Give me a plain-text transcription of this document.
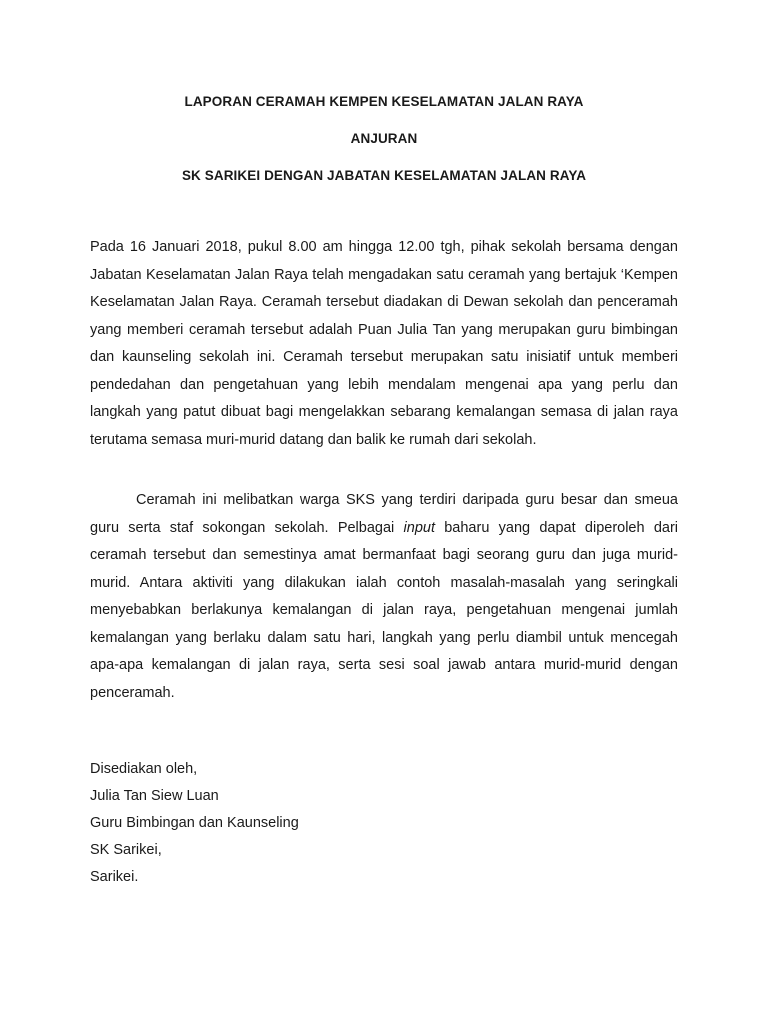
LAPORAN CERAMAH KEMPEN KESELAMATAN JALAN RAYA
ANJURAN
SK SARIKEI DENGAN JABATAN KESELAMATAN JALAN RAYA

Pada 16 Januari 2018, pukul 8.00 am hingga 12.00 tgh, pihak sekolah bersama dengan Jabatan Keselamatan Jalan Raya telah mengadakan satu ceramah yang bertajuk ‘Kempen Keselamatan Jalan Raya. Ceramah tersebut diadakan di Dewan sekolah dan penceramah yang memberi ceramah tersebut adalah Puan Julia Tan yang merupakan guru bimbingan dan kaunseling sekolah ini. Ceramah tersebut merupakan satu inisiatif untuk memberi pendedahan dan pengetahuan yang lebih mendalam mengenai apa yang perlu dan langkah yang patut dibuat bagi mengelakkan sebarang kemalangan semasa di jalan raya terutama semasa muri-murid datang dan balik ke rumah dari sekolah.

Ceramah ini melibatkan warga SKS yang terdiri daripada guru besar dan smeua guru serta staf sokongan sekolah. Pelbagai input baharu yang dapat diperoleh dari ceramah tersebut dan semestinya amat bermanfaat bagi seorang guru dan juga murid-murid. Antara aktiviti yang dilakukan ialah contoh masalah-masalah yang seringkali menyebabkan berlakunya kemalangan di jalan raya, pengetahuan mengenai jumlah kemalangan yang berlaku dalam satu hari, langkah yang perlu diambil untuk mencegah apa-apa kemalangan di jalan raya, serta sesi soal jawab antara murid-murid dengan penceramah.

Disediakan oleh,
Julia Tan Siew Luan
Guru Bimbingan dan Kaunseling
SK Sarikei,
Sarikei.
